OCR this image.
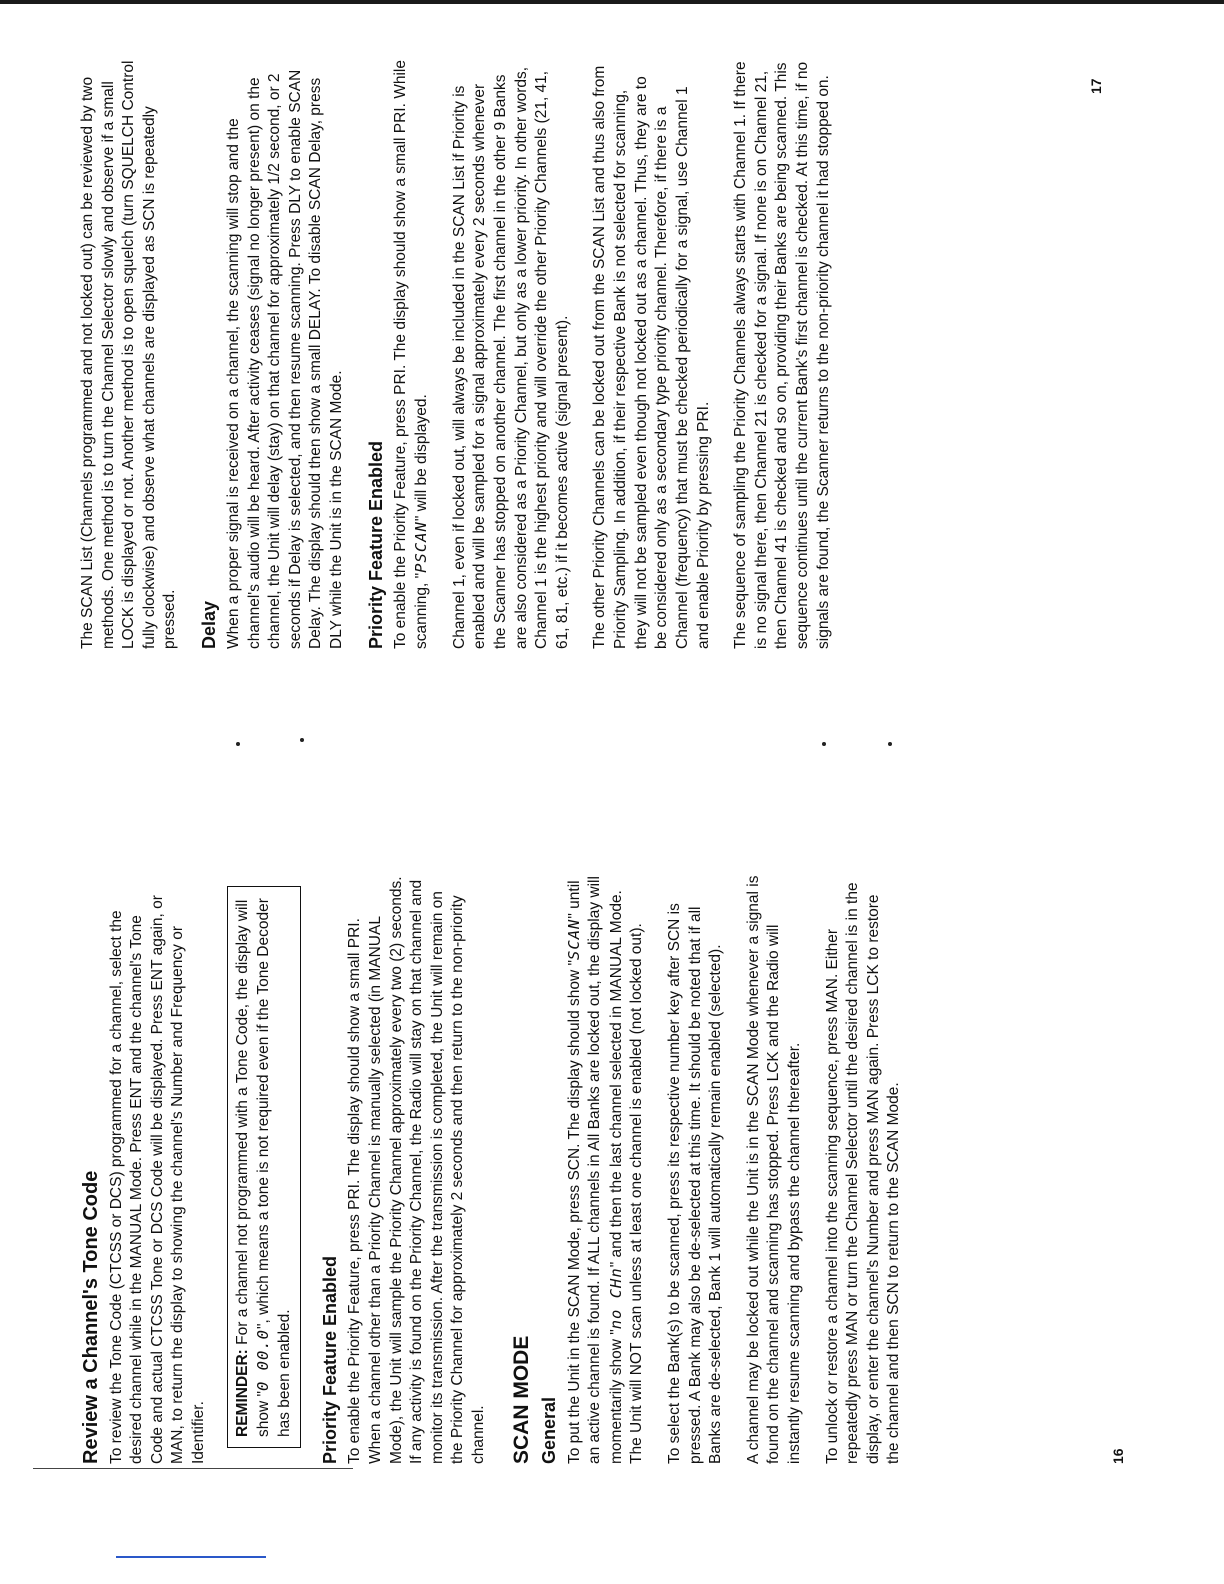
Review a Channel's Tone Code To review the Tone Code (CTCSS or DCS) programmed for a channel, select the desired channel while in the MANUAL Mode. Press ENT and the channel's Tone Code and actual CTCSS Tone or DCS Code will be displayed. Press ENT again, or MAN, to return the display to showing the channel's Number and Frequency or Identifier.	REMINDER: For a channel not programmed with a Tone Code, the display will show "0 00.0", which means a tone is not required even if the Tone Decoder has been enabled.	Priority Feature Enabled To enable the Priority Feature, press PRI. The display should show a small PRI. When a channel other than a Priority Channel is manually selected (in MANUAL Mode), the Unit will sample the Priority Channel approximately every two (2) seconds. If any activity is found on the Priority Channel, the Radio will stay on that channel and monitor its transmission. After the transmission is completed, the Unit will remain on the Priority Channel for approximately 2 seconds and then return to the non-priority channel. SCAN MODE General To put the Unit in the SCAN Mode, press SCN. The display should show "SCAN" until an active channel is found. If ALL channels in All Banks are locked out, the display will momentarily show "no CHn" and then the last channel selected in MANUAL Mode. The Unit will NOT scan unless at least one channel is enabled (not locked out). To select the Bank(s) to be scanned, press its respective number key after SCN is pressed. A Bank may also be de-selected at this time. It should be noted that if all Banks are de-selected, Bank 1 will automatically remain enabled (selected). A channel may be locked out while the Unit is in the SCAN Mode whenever a signal is found on the channel and scanning has stopped. Press LCK and the Radio will instantly resume scanning and bypass the channel thereafter. To unlock or restore a channel into the scanning sequence, press MAN. Either repeatedly press MAN or turn the Channel Selector until the desired channel is in the display, or enter the channel's Number and press MAN again. Press LCK to restore the channel and then SCN to return to the SCAN Mode.	16

The SCAN List (Channels programmed and not locked out) can be reviewed by two methods. One method is to turn the Channel Selector slowly and observe if a small LOCK is displayed or not. Another method is to open squelch (turn SQUELCH Control fully clockwise) and observe what channels are displayed as SCN is repeatedly pressed. Delay When a proper signal is received on a channel, the scanning will stop and the channel's audio will be heard. After activity ceases (signal no longer present) on the channel, the Unit will delay (stay) on that channel for approximately 1/2 second, or 2 seconds if Delay is selected, and then resume scanning. Press DLY to enable SCAN Delay. The display should then show a small DELAY. To disable SCAN Delay, press DLY while the Unit is in the SCAN Mode. Priority Feature Enabled To enable the Priority Feature, press PRI. The display should show a small PRI. While scanning, "PSCAN" will be displayed. Channel 1, even if locked out, will always be included in the SCAN List if Priority is enabled and will be sampled for a signal approximately every 2 seconds whenever the Scanner has stopped on another channel. The first channel in the other 9 Banks are also considered as a Priority Channel, but only as a lower priority. In other words, Channel 1 is the highest priority and will override the other Priority Channels (21, 41, 61, 81, etc.) if it becomes active (signal present). The other Priority Channels can be locked out from the SCAN List and thus also from Priority Sampling. In addition, if their respective Bank is not selected for scanning, they will not be sampled even though not locked out as a channel. Thus, they are to be considered only as a secondary type priority channel. Therefore, if there is a Channel (frequency) that must be checked periodically for a signal, use Channel 1 and enable Priority by pressing PRI. The sequence of sampling the Priority Channels always starts with Channel 1. If there is no signal there, then Channel 21 is checked for a signal. If none is on Channel 21, then Channel 41 is checked and so on, providing their Banks are being scanned. This sequence continues until the current Bank's first channel is checked. At this time, if no signals are found, the Scanner returns to the non-priority channel it had stopped on.	17
